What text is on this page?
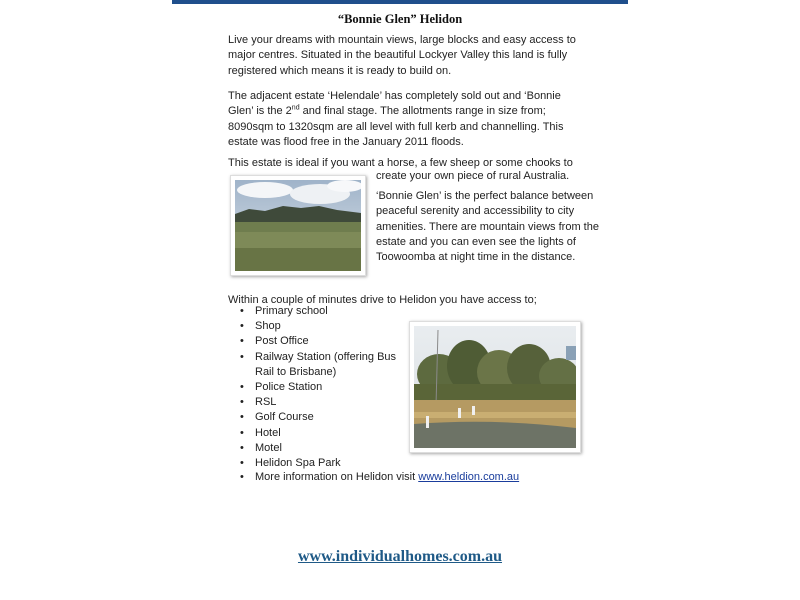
“Bonnie Glen” Helidon

Live your dreams with mountain views, large blocks and easy access to major centres. Situated in the beautiful Lockyer Valley this land is fully registered which means it is ready to build on.

The adjacent estate ‘Helendale’ has completely sold out and ‘Bonnie Glen’ is the 2nd and final stage. The allotments range in size from; 8090sqm to 1320sqm are all level with full kerb and channelling. This estate was flood free in the January 2011 floods.

This estate is ideal if you want a horse, a few sheep or some chooks to

create your own piece of rural Australia.

‘Bonnie Glen’ is the perfect balance between peaceful serenity and accessibility to city amenities. There are mountain views from the estate and you can even see the lights of Toowoomba at night time in the distance.

Within a couple of minutes drive to Helidon you have access to;

• Primary school
• Shop
• Post Office
• Railway Station (offering Bus Rail to Brisbane)
• Police Station
• RSL
• Golf Course
• Hotel
• Motel
• Helidon Spa Park
• More information on Helidon visit www.heldion.com.au
www.individualhomes.com.au
